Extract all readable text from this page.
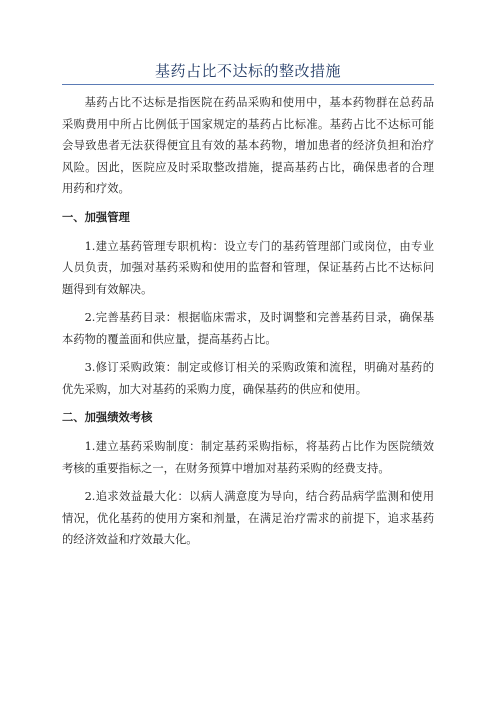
基药占比不达标的整改措施

基药占比不达标是指医院在药品采购和使用中，基本药物群在总药品采购费用中所占比例低于国家规定的基药占比标准。基药占比不达标可能会导致患者无法获得便宜且有效的基本药物，增加患者的经济负担和治疗风险。因此，医院应及时采取整改措施，提高基药占比，确保患者的合理用药和疗效。

一、加强管理

1.建立基药管理专职机构：设立专门的基药管理部门或岗位，由专业人员负责，加强对基药采购和使用的监督和管理，保证基药占比不达标问题得到有效解决。

2.完善基药目录：根据临床需求，及时调整和完善基药目录，确保基本药物的覆盖面和供应量，提高基药占比。

3.修订采购政策：制定或修订相关的采购政策和流程，明确对基药的优先采购，加大对基药的采购力度，确保基药的供应和使用。

二、加强绩效考核

1.建立基药采购制度：制定基药采购指标，将基药占比作为医院绩效考核的重要指标之一，在财务预算中增加对基药采购的经费支持。

2.追求效益最大化：以病人满意度为导向，结合药品病学监测和使用情况，优化基药的使用方案和剂量，在满足治疗需求的前提下，追求基药的经济效益和疗效最大化。
